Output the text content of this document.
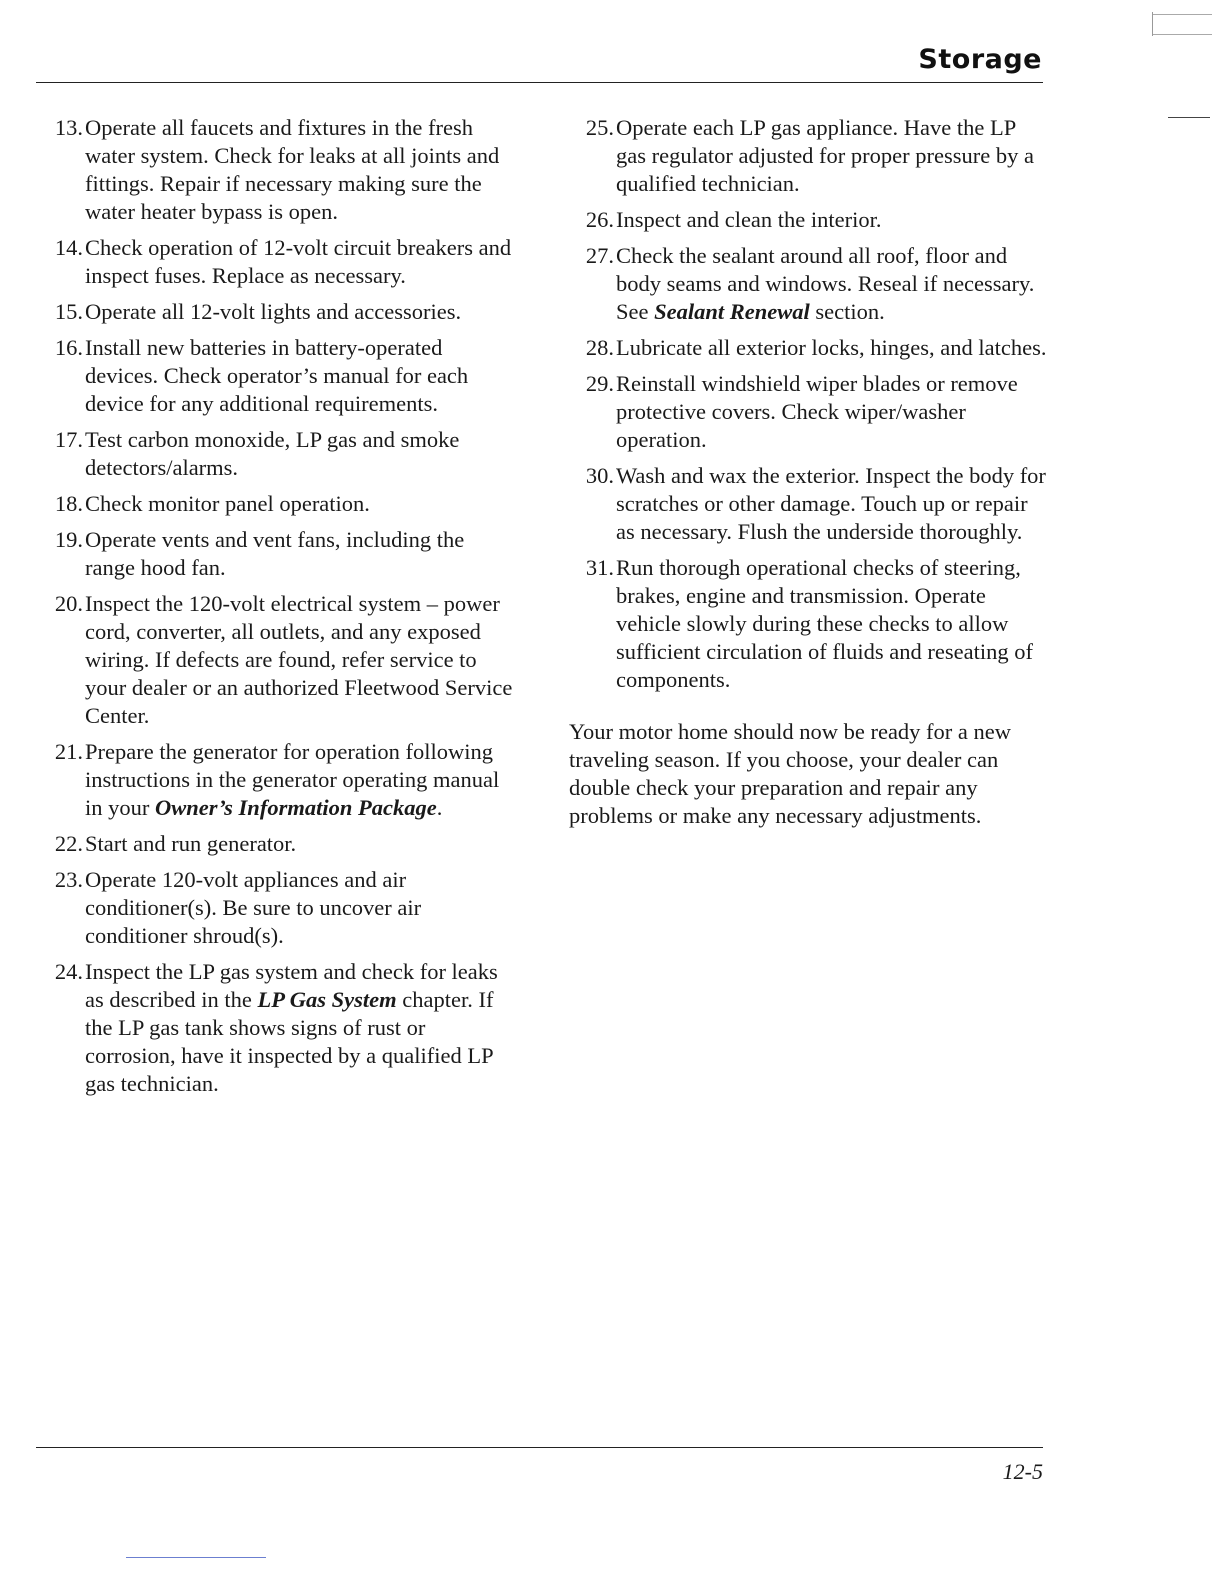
Storage
13. Operate all faucets and fixtures in the fresh water system. Check for leaks at all joints and fittings. Repair if necessary making sure the water heater bypass is open.
14. Check operation of 12-volt circuit breakers and inspect fuses. Replace as necessary.
15. Operate all 12-volt lights and accessories.
16. Install new batteries in battery-operated devices. Check operator’s manual for each device for any additional requirements.
17. Test carbon monoxide, LP gas and smoke detectors/alarms.
18. Check monitor panel operation.
19. Operate vents and vent fans, including the range hood fan.
20. Inspect the 120-volt electrical system – power cord, converter, all outlets, and any exposed wiring. If defects are found, refer service to your dealer or an authorized Fleetwood Service Center.
21. Prepare the generator for operation following instructions in the generator operating manual in your Owner’s Information Package.
22. Start and run generator.
23. Operate 120-volt appliances and air conditioner(s). Be sure to uncover air conditioner shroud(s).
24. Inspect the LP gas system and check for leaks as described in the LP Gas System chapter. If the LP gas tank shows signs of rust or corrosion, have it inspected by a qualified LP gas technician.
25. Operate each LP gas appliance. Have the LP gas regulator adjusted for proper pressure by a qualified technician.
26. Inspect and clean the interior.
27. Check the sealant around all roof, floor and body seams and windows. Reseal if necessary. See Sealant Renewal section.
28. Lubricate all exterior locks, hinges, and latches.
29. Reinstall windshield wiper blades or remove protective covers. Check wiper/washer operation.
30. Wash and wax the exterior. Inspect the body for scratches or other damage. Touch up or repair as necessary. Flush the underside thoroughly.
31. Run thorough operational checks of steering, brakes, engine and transmission. Operate vehicle slowly during these checks to allow sufficient circulation of fluids and reseating of components.

Your motor home should now be ready for a new traveling season. If you choose, your dealer can double check your preparation and repair any problems or make any necessary adjustments.

12-5
